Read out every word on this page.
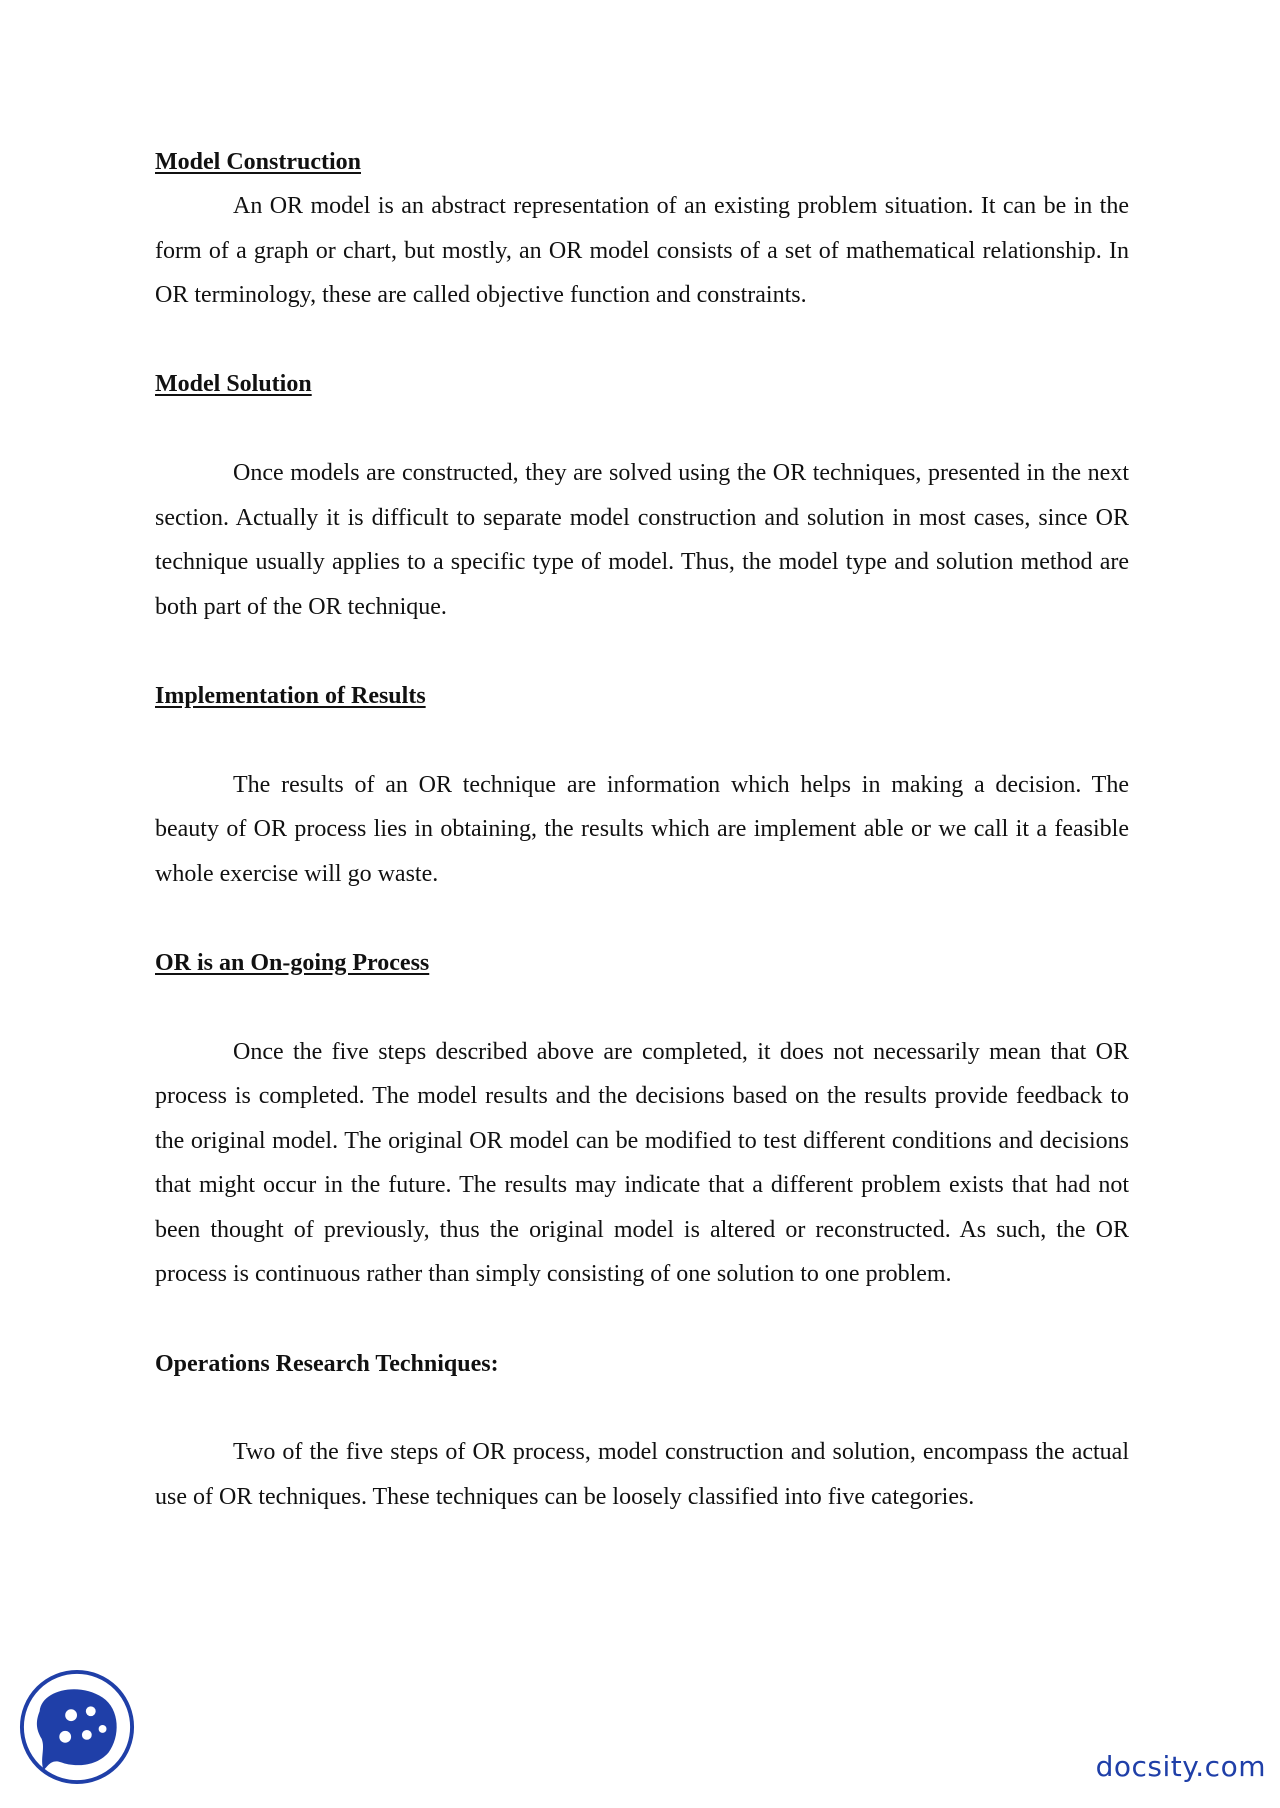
Model Construction

An OR model is an abstract representation of an existing problem situation. It can be in the form of a graph or chart, but mostly, an OR model consists of a set of mathematical relationship. In OR terminology, these are called objective function and constraints.

Model Solution

Once models are constructed, they are solved using the OR techniques, presented in the next section. Actually it is difficult to separate model construction and solution in most cases, since OR technique usually applies to a specific type of model. Thus, the model type and solution method are both part of the OR technique.

Implementation of Results

The results of an OR technique are information which helps in making a decision. The beauty of OR process lies in obtaining, the results which are implement able or we call it a feasible whole exercise will go waste.

OR is an On-going Process

Once the five steps described above are completed, it does not necessarily mean that OR process is completed. The model results and the decisions based on the results provide feedback to the original model. The original OR model can be modified to test different conditions and decisions that might occur in the future. The results may indicate that a different problem exists that had not been thought of previously, thus the original model is altered or reconstructed. As such, the OR process is continuous rather than simply consisting of one solution to one problem.

Operations Research Techniques:

Two of the five steps of OR process, model construction and solution, encompass the actual use of OR techniques. These techniques can be loosely classified into five categories.

docsity.com
